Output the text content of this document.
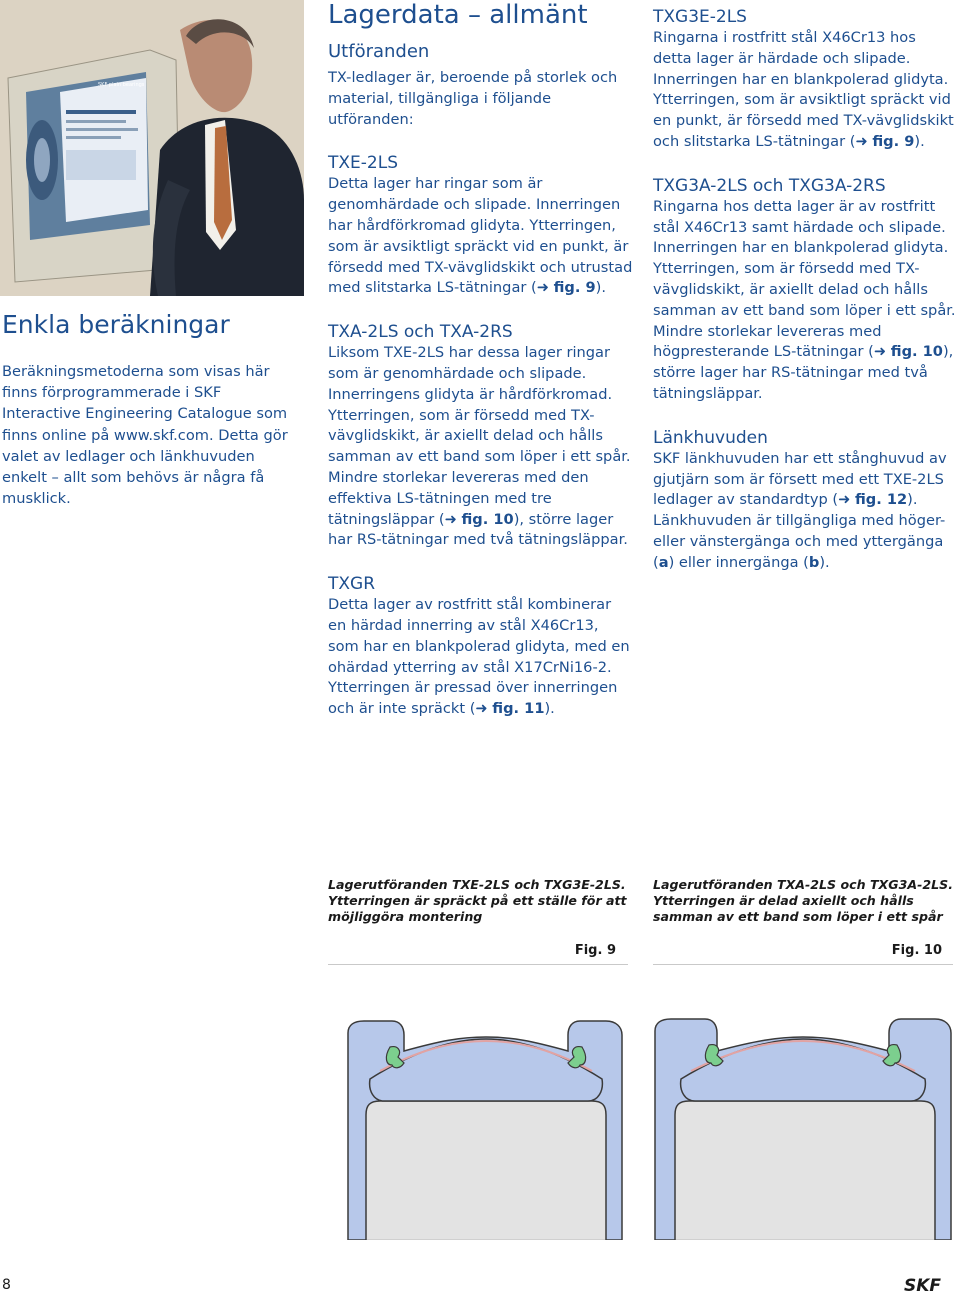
SKF plain bearings
Enkla beräkningar
Beräkningsmetoderna som visas här finns förprogrammerade i SKF Interactive Engineering Catalogue som finns online på www.skf.com. Detta gör valet av ledlager och länkhuvuden enkelt – allt som behövs är några få musklick.
Lagerdata – allmänt

Utföranden

TX-ledlager är, beroende på storlek och material, tillgängliga i följande utföranden:

TXE-2LS

Detta lager har ringar som är genomhärdade och slipade. Innerringen har hårdförkromad glidyta. Ytterringen, som är avsiktligt spräckt vid en punkt, är försedd med TX-vävglidskikt och utrustad med slitstarka LS-tätningar (➜ fig. 9).

TXA-2LS och TXA-2RS

Liksom TXE-2LS har dessa lager ringar som är genomhärdade och slipade. Innerringens glidyta är hårdförkromad. Ytterringen, som är försedd med TX-vävglidskikt, är axiellt delad och hålls samman av ett band som löper i ett spår. Mindre storlekar levereras med den effektiva LS-tätningen med tre tätningsläppar (➜ fig. 10), större lager har RS-tätningar med två tätningsläppar.

TXGR

Detta lager av rostfritt stål kombinerar en härdad innerring av stål X46Cr13, som har en blankpolerad glidyta, med en ohärdad ytterring av stål X17CrNi16-2. Ytterringen är pressad över innerringen och är inte spräckt (➜ fig. 11).

TXG3E-2LS

Ringarna i rostfritt stål X46Cr13 hos detta lager är härdade och slipade. Innerringen har en blankpolerad glidyta. Ytterringen, som är avsiktligt spräckt vid en punkt, är försedd med TX-vävglidskikt och slitstarka LS-tätningar (➜ fig. 9).

TXG3A-2LS och TXG3A-2RS

Ringarna hos detta lager är av rostfritt stål X46Cr13 samt härdade och slipade. Innerringen har en blankpolerad glidyta. Ytterringen, som är försedd med TX-vävglidskikt, är axiellt delad och hålls samman av ett band som löper i ett spår. Mindre storlekar levereras med högpresterande LS-tätningar (➜ fig. 10), större lager har RS-tätningar med två tätningsläppar.

Länkhuvuden

SKF länkhuvuden har ett stånghuvud av gjutjärn som är försett med ett TXE-2LS ledlager av standardtyp (➜ fig. 12). Länkhuvuden är tillgängliga med höger- eller vänstergänga och med yttergänga (a) eller innergänga (b).

Lagerutföranden TXE-2LS och TXG3E-2LS. Ytterringen är spräckt på ett ställe för att möjliggöra montering
Lagerutföranden TXA-2LS och TXG3A-2LS. Ytterringen är delad axiellt och hålls samman av ett band som löper i ett spår
Fig. 9	Fig. 10
8	SKF
